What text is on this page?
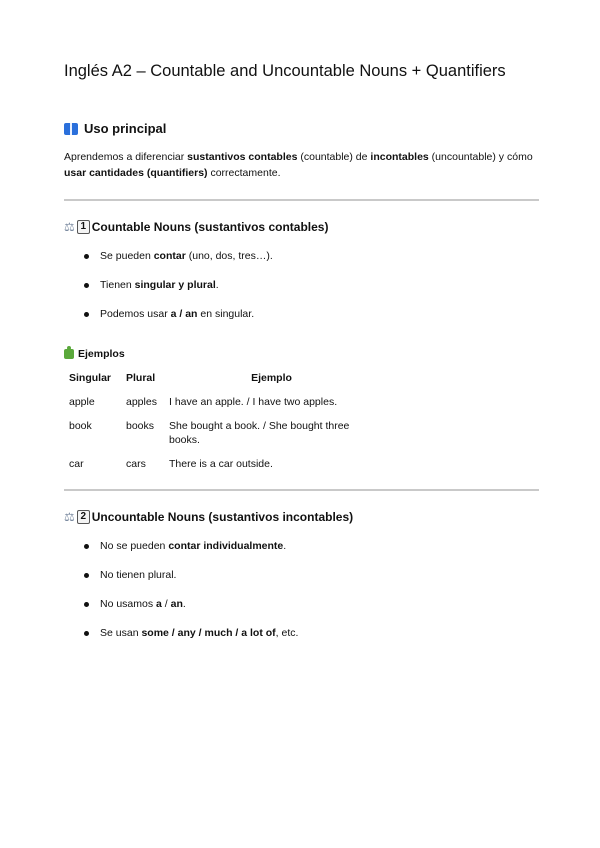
Inglés A2 – Countable and Uncountable Nouns + Quantifiers
Uso principal

Aprendemos a diferenciar sustantivos contables (countable) de incontables (uncountable) y cómo usar cantidades (quantifiers) correctamente.

⚖ 1 Countable Nouns (sustantivos contables)
Se pueden contar (uno, dos, tres…).
Tienen singular y plural.
Podemos usar a / an en singular.
Ejemplos
Singular	Plural	Ejemplo
apple	apples	I have an apple. / I have two apples.
book	books	She bought a book. / She bought three books.
car	cars	There is a car outside.
⚖ 2 Uncountable Nouns (sustantivos incontables)
No se pueden contar individualmente.
No tienen plural.
No usamos a / an.
Se usan some / any / much / a lot of, etc.
